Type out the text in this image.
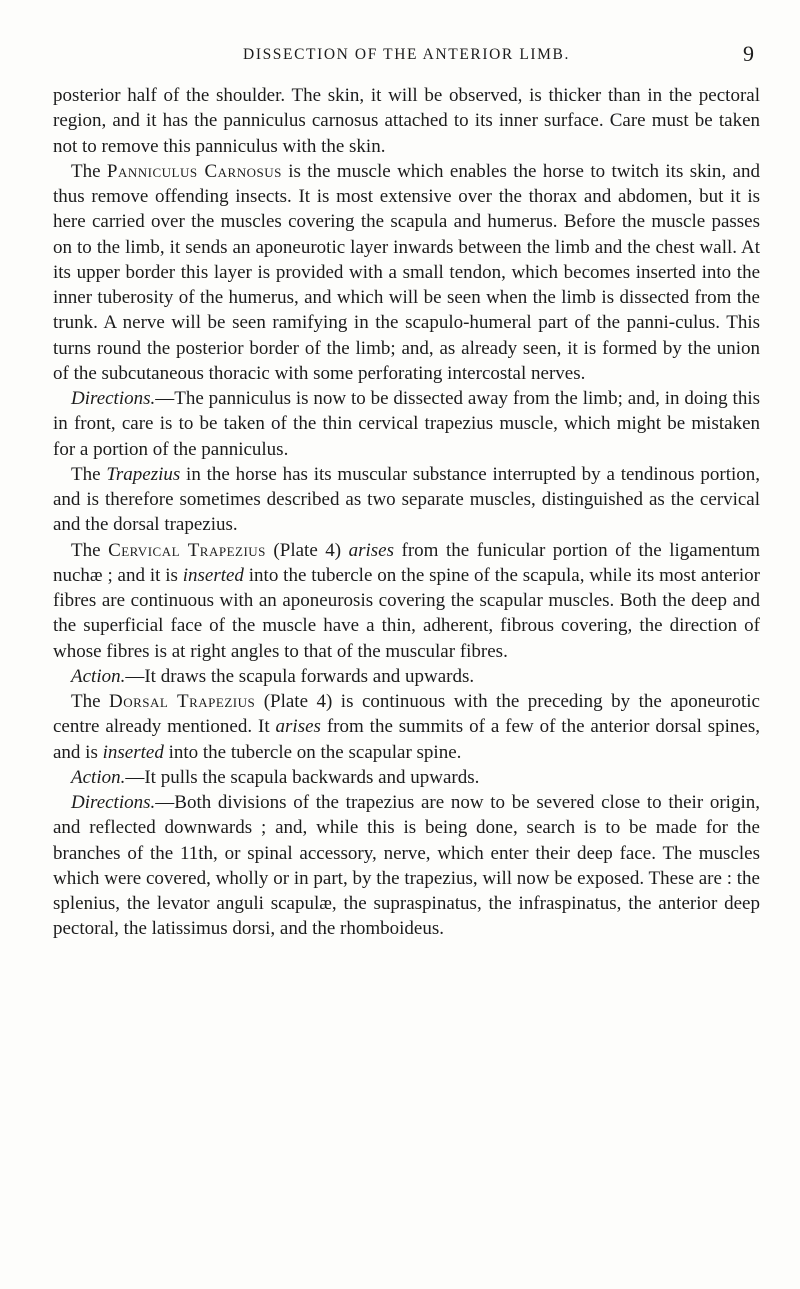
DISSECTION OF THE ANTERIOR LIMB.	9

posterior half of the shoulder. The skin, it will be observed, is thicker than in the pectoral region, and it has the panniculus carnosus attached to its inner surface. Care must be taken not to remove this panniculus with the skin.

The Panniculus Carnosus is the muscle which enables the horse to twitch its skin, and thus remove offending insects. It is most extensive over the thorax and abdomen, but it is here carried over the muscles covering the scapula and humerus. Before the muscle passes on to the limb, it sends an aponeurotic layer inwards between the limb and the chest wall. At its upper border this layer is provided with a small tendon, which becomes inserted into the inner tuberosity of the humerus, and which will be seen when the limb is dissected from the trunk. A nerve will be seen ramifying in the scapulo-humeral part of the panni-culus. This turns round the posterior border of the limb; and, as already seen, it is formed by the union of the subcutaneous thoracic with some perforating intercostal nerves.

Directions.—The panniculus is now to be dissected away from the limb; and, in doing this in front, care is to be taken of the thin cervical trapezius muscle, which might be mistaken for a portion of the panniculus.

The Trapezius in the horse has its muscular substance interrupted by a tendinous portion, and is therefore sometimes described as two separate muscles, distinguished as the cervical and the dorsal trapezius.

The Cervical Trapezius (Plate 4) arises from the funicular portion of the ligamentum nuchæ ; and it is inserted into the tubercle on the spine of the scapula, while its most anterior fibres are continuous with an aponeurosis covering the scapular muscles. Both the deep and the superficial face of the muscle have a thin, adherent, fibrous covering, the direction of whose fibres is at right angles to that of the muscular fibres.

Action.—It draws the scapula forwards and upwards.

The Dorsal Trapezius (Plate 4) is continuous with the preceding by the aponeurotic centre already mentioned. It arises from the summits of a few of the anterior dorsal spines, and is inserted into the tubercle on the scapular spine.

Action.—It pulls the scapula backwards and upwards.

Directions.—Both divisions of the trapezius are now to be severed close to their origin, and reflected downwards ; and, while this is being done, search is to be made for the branches of the 11th, or spinal accessory, nerve, which enter their deep face. The muscles which were covered, wholly or in part, by the trapezius, will now be exposed. These are : the splenius, the levator anguli scapulæ, the supraspinatus, the infraspinatus, the anterior deep pectoral, the latissimus dorsi, and the rhomboideus.
